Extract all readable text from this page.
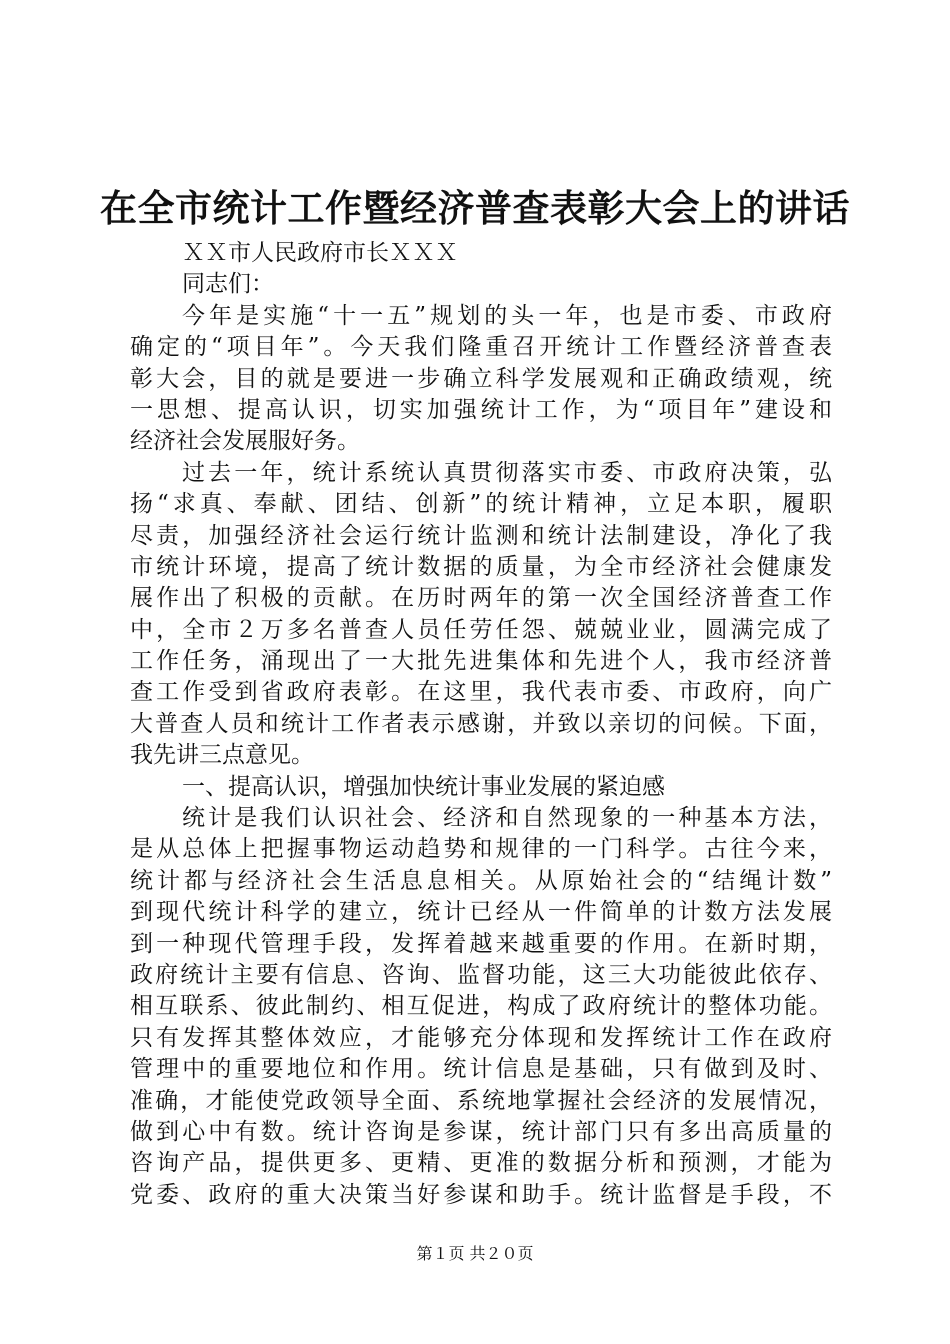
在全市统计工作暨经济普查表彰大会上的讲话
ＸＸ市人民政府市长ＸＸＸ
同志们：
今年是实施“十一五”规划的头一年，也是市委、市政府
确定的“项目年”。今天我们隆重召开统计工作暨经济普查表
彰大会，目的就是要进一步确立科学发展观和正确政绩观，统
一思想、提高认识，切实加强统计工作，为“项目年”建设和
经济社会发展服好务。
过去一年，统计系统认真贯彻落实市委、市政府决策，弘
扬“求真、奉献、团结、创新”的统计精神，立足本职，履职
尽责，加强经济社会运行统计监测和统计法制建设，净化了我
市统计环境，提高了统计数据的质量，为全市经济社会健康发
展作出了积极的贡献。在历时两年的第一次全国经济普查工作
中，全市２万多名普查人员任劳任怨、兢兢业业，圆满完成了
工作任务，涌现出了一大批先进集体和先进个人，我市经济普
查工作受到省政府表彰。在这里，我代表市委、市政府，向广
大普查人员和统计工作者表示感谢，并致以亲切的问候。下面，
我先讲三点意见。
一、提高认识，增强加快统计事业发展的紧迫感
统计是我们认识社会、经济和自然现象的一种基本方法，
是从总体上把握事物运动趋势和规律的一门科学。古往今来，
统计都与经济社会生活息息相关。从原始社会的“结绳计数”
到现代统计科学的建立，统计已经从一件简单的计数方法发展
到一种现代管理手段，发挥着越来越重要的作用。在新时期，
政府统计主要有信息、咨询、监督功能，这三大功能彼此依存、
相互联系、彼此制约、相互促进，构成了政府统计的整体功能。
只有发挥其整体效应，才能够充分体现和发挥统计工作在政府
管理中的重要地位和作用。统计信息是基础，只有做到及时、
准确，才能使党政领导全面、系统地掌握社会经济的发展情况，
做到心中有数。统计咨询是参谋，统计部门只有多出高质量的
咨询产品，提供更多、更精、更准的数据分析和预测，才能为
党委、政府的重大决策当好参谋和助手。统计监督是手段，不
第１页 共２０页
